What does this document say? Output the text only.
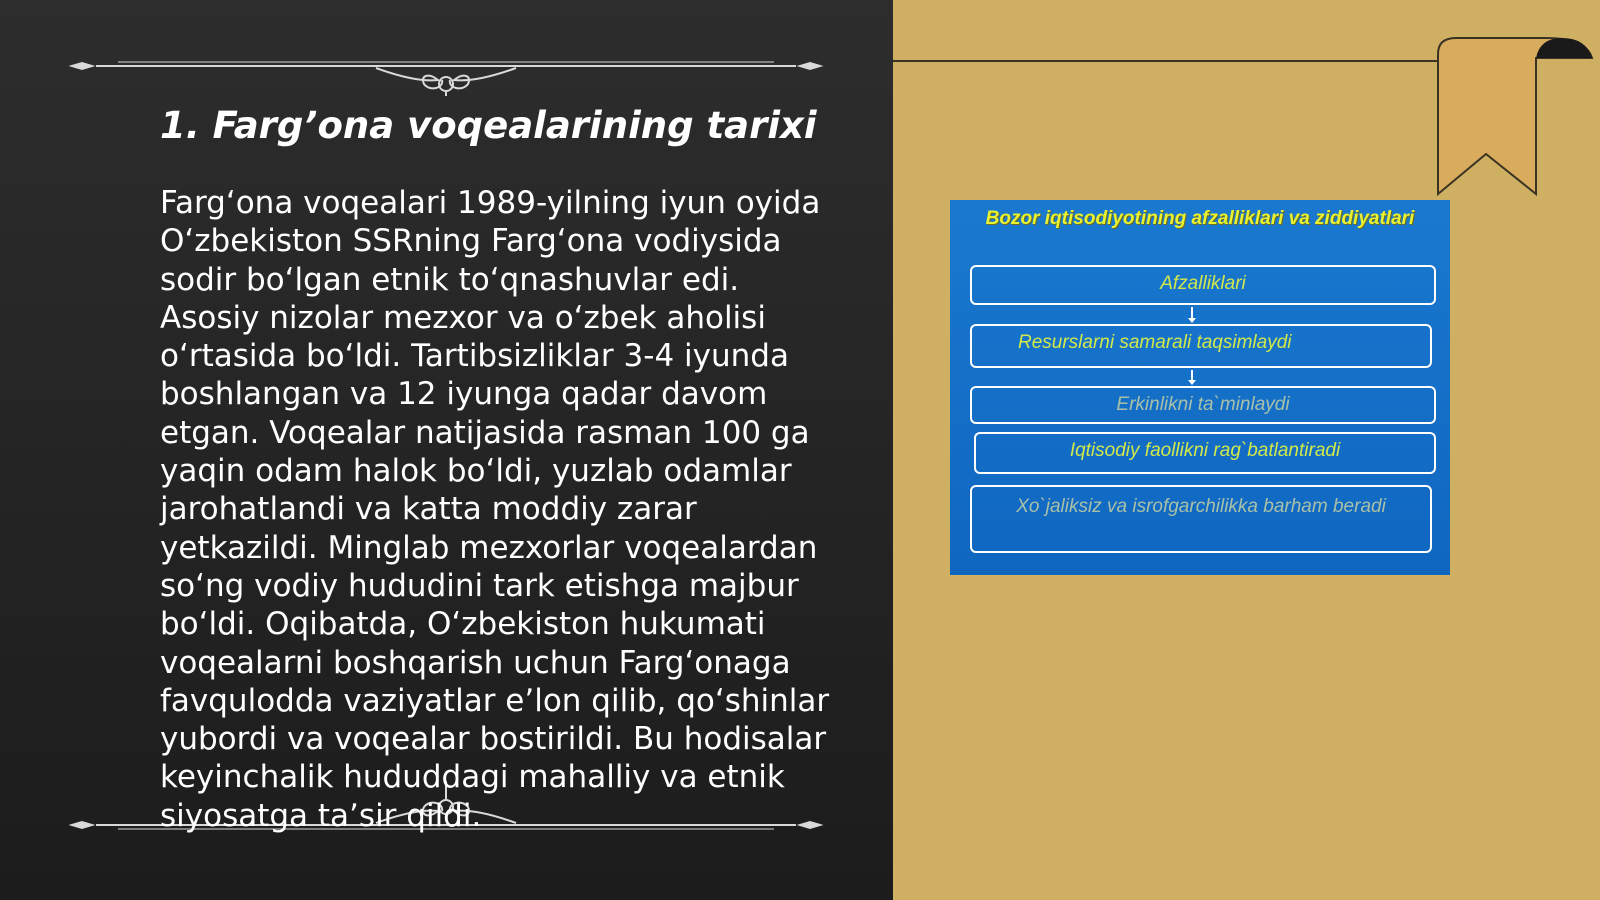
1. Farg’ona voqealarining tarixi

Farg‘ona voqealari 1989-yilning iyun oyida O‘zbekiston SSRning Farg‘ona vodiysida sodir bo‘lgan etnik to‘qnashuvlar edi. Asosiy nizolar mezxor va o‘zbek aholisi o‘rtasida bo‘ldi. Tartibsizliklar 3-4 iyunda boshlangan va 12 iyunga qadar davom etgan. Voqealar natijasida rasman 100 ga yaqin odam halok bo‘ldi, yuzlab odamlar jarohatlandi va katta moddiy zarar yetkazildi. Minglab mezxorlar voqealardan so‘ng vodiy hududini tark etishga majbur bo‘ldi. Oqibatda, O‘zbekiston hukumati voqealarni boshqarish uchun Farg‘onaga favqulodda vaziyatlar e’lon qilib, qo‘shinlar yubordi va voqealar bostirildi. Bu hodisalar keyinchalik hududdagi mahalliy va etnik siyosatga ta’sir qildi.

Bozor iqtisodiyotining afzalliklari va ziddiyatlari
Afzalliklari
Resurslarni samarali taqsimlaydi
Erkinlikni ta`minlaydi
Iqtisodiy faollikni rag`batlantiradi
Xo`jaliksiz va isrofgarchilikka barham beradi
